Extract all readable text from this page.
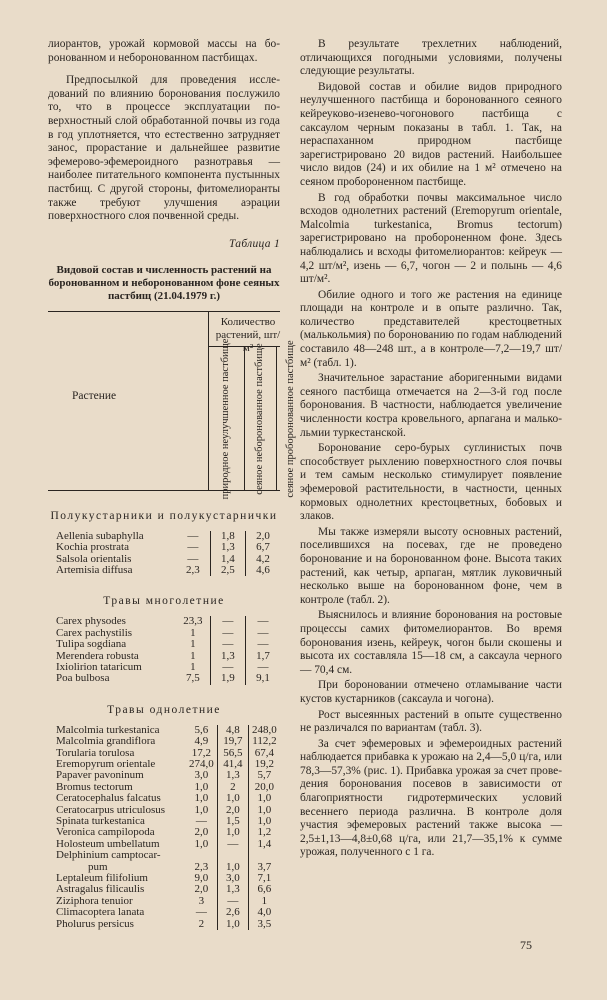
лиорантов, урожай кормовой массы на боронованном и неборонованном пастбищах.

Предпосылкой для проведения исследований по влиянию боронования послужило то, что в процессе эксплуатации поверхностный слой обработанной почвы из года в год уплотняется, что естественно затрудняет занос, прорастание и дальнейшее развитие эфемерово-эфемероидного разнотравья — наиболее питательного компонента пустынных пастбищ. С другой стороны, фитомелиоранты также требуют улучшения аэрации поверхностного слоя почвенной среды.

Таблица 1
Видовой состав и численность растений на боронованном и неборонованном фоне сеяных пастбищ (21.04.1979 г.)
Растение
Количество растений, шт/м²
природное неулучшенное пастбище сеяное неборонованное пастбище сеяное проборонованное пастбище
Полукустарники и полукустарнички
Aellenia subaphylla	—	1,8	2,0
Kochia prostrata	—	1,3	6,7
Salsola orientalis	—	1,4	4,2
Artemisia diffusa	2,3	2,5	4,6
Травы многолетние
Carex physodes	23,3	—	—
Carex pachystilis	1	—	—
Tulipa sogdiana	1	—	—
Merendera robusta	1	1,3	1,7
Ixiolirion tataricum	1	—	—
Poa bulbosa	7,5	1,9	9,1
Травы однолетние
Malcolmia turkestanica	5,6	4,8	248,0
Malcolmia grandiflora	4,9	19,7	112,2
Torularia torulosa	17,2	56,5	67,4
Eremopyrum orientale	274,0	41,4	19,2
Papaver pavoninum	3,0	1,3	5,7
Bromus tectorum	1,0	2	20,0
Ceratocephalus falcatus	1,0	1,0	1,0
Ceratocarpus utriculosus	1,0	2,0	1,0
Spinata turkestanica	—	1,5	1,0
Veronica campilopoda	2,0	1,0	1,2
Holosteum umbellatum	1,0	—	1,4
Delphinium camptocar-			
pum	2,3	1,0	3,7
Leptaleum filifolium	9,0	3,0	7,1
Astragalus filicaulis	2,0	1,3	6,6
Ziziphora tenuior	3	—	1
Climacoptera lanata	—	2,6	4,0
Pholurus persicus	2	1,0	3,5

В результате трехлетних наблюдений, отличающихся погодными условиями, получены следующие результаты.

Видовой состав и обилие видов природного неулучшенного пастбища и боронованного сеяного кейреуково-изенево-чогонового пастбища с саксаулом черным показаны в табл. 1. Так, на нераспаханном природном пастбище зарегистрировано 20 видов растений. Наибольшее число видов (24) и их обилие на 1 м² отмечено на сеяном пробороненном пастбище.

В год обработки почвы максимальное число всходов однолетних растений (Eremopyrum orientale, Malcolmia turkestanica, Bromus tectorum) зарегистрировано на пробороненном фоне. Здесь наблюдались и всходы фитомелиорантов: кейреук — 4,2 шт/м², изень — 6,7, чогон — 2 и полынь — 4,6 шт/м².

Обилие одного и того же растения на единице площади на контроле и в опыте различно. Так, количество представителей крестоцветных (малькольмия) по боронованию по годам наблюдений составило 48—248 шт., а в контроле—7,2—19,7 шт/м² (табл. 1).

Значительное зарастание аборигенными видами сеяного пастбища отмечается на 2—3-й год после боронования. В частности, наблюдается увеличение численности костра кровельного, арпагана и малькольмии туркестанской.

Боронование серо-бурых суглинистых почв способствует рыхлению поверхностного слоя почвы и тем самым несколько стимулирует появление эфемеровой растительности, в частности, ценных кормовых однолетних крестоцветных, бобовых и злаков.

Мы также измеряли высоту основных растений, поселившихся на посевах, где не проведено боронование и на боронованном фоне. Высота таких растений, как четыр, арпаган, мятлик луковичный несколько выше на боронованном фоне, чем в контроле (табл. 2).

Выяснилось и влияние боронования на ростовые процессы самих фитомелиорантов. Во время боронования изень, кейреук, чогон были скошены и высота их составляла 15—18 см, а саксаула черного — 70,4 см.

При бороновании отмечено отламывание части кустов кустарников (саксаула и чогона).

Рост высеянных растений в опыте существенно не различался по вариантам (табл. 3).

За счет эфемеровых и эфемероидных растений наблюдается прибавка к урожаю на 2,4—5,0 ц/га, или 78,3—57,3% (рис. 1). Прибавка урожая за счет проведения боронования посевов в зависимости от благоприятности гидротермических условий весеннего периода различна. В контроле доля участия эфемеровых растений также высока — 2,5±1,13—4,8±0,68 ц/га, или 21,7—35,1% к сумме урожая, полученного с 1 га.

75
